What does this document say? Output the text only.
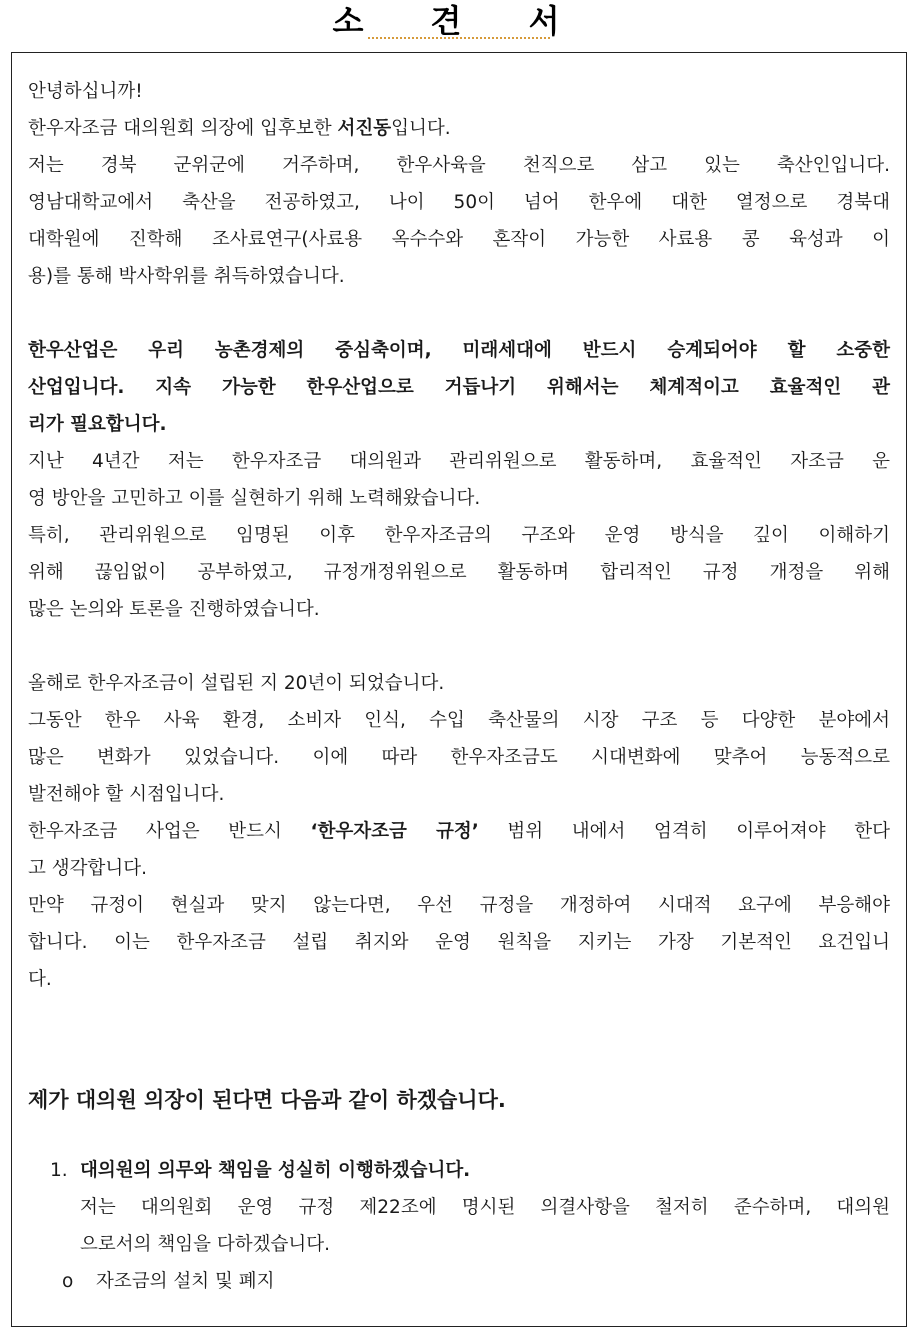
소 견 서
안녕하십니까!
한우자조금 대의원회 의장에 입후보한 서진동입니다.
저는 경북 군위군에 거주하며, 한우사육을 천직으로 삼고 있는 축산인입니다.
영남대학교에서 축산을 전공하였고, 나이 50이 넘어 한우에 대한 열정으로 경북대
대학원에 진학해 조사료연구(사료용 옥수수와 혼작이 가능한 사료용 콩 육성과 이
용)를 통해 박사학위를 취득하였습니다.
한우산업은 우리 농촌경제의 중심축이며, 미래세대에 반드시 승계되어야 할 소중한
산업입니다. 지속 가능한 한우산업으로 거듭나기 위해서는 체계적이고 효율적인 관
리가 필요합니다.
지난 4년간 저는 한우자조금 대의원과 관리위원으로 활동하며, 효율적인 자조금 운
영 방안을 고민하고 이를 실현하기 위해 노력해왔습니다.
특히, 관리위원으로 임명된 이후 한우자조금의 구조와 운영 방식을 깊이 이해하기
위해 끊임없이 공부하였고, 규정개정위원으로 활동하며 합리적인 규정 개정을 위해
많은 논의와 토론을 진행하였습니다.
올해로 한우자조금이 설립된 지 20년이 되었습니다.
그동안 한우 사육 환경, 소비자 인식, 수입 축산물의 시장 구조 등 다양한 분야에서
많은 변화가 있었습니다. 이에 따라 한우자조금도 시대변화에 맞추어 능동적으로
발전해야 할 시점입니다.
한우자조금 사업은 반드시 ‘한우자조금 규정’ 범위 내에서 엄격히 이루어져야 한다
고 생각합니다.
만약 규정이 현실과 맞지 않는다면, 우선 규정을 개정하여 시대적 요구에 부응해야
합니다. 이는 한우자조금 설립 취지와 운영 원칙을 지키는 가장 기본적인 요건입니
다.
제가 대의원 의장이 된다면 다음과 같이 하겠습니다.
1. 대의원의 의무와 책임을 성실히 이행하겠습니다.
저는 대의원회 운영 규정 제22조에 명시된 의결사항을 철저히 준수하며, 대의원
으로서의 책임을 다하겠습니다.
o 자조금의 설치 및 폐지
